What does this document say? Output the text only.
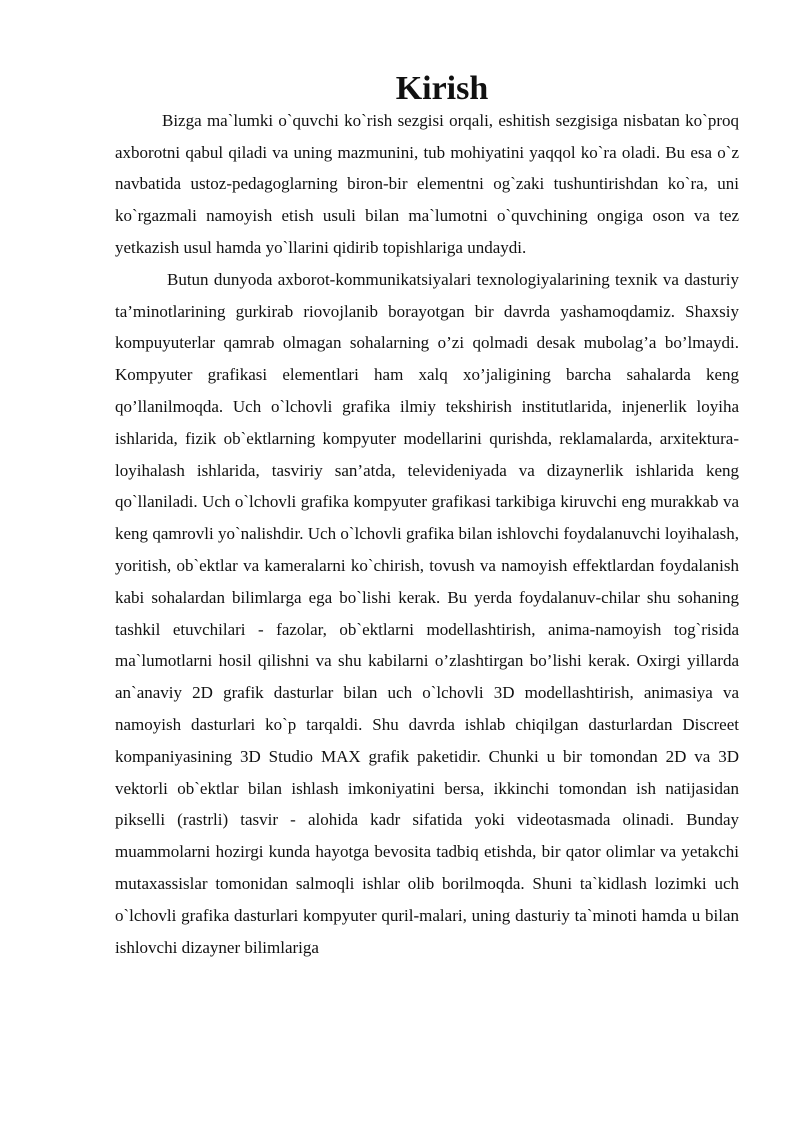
Kirish

Bizga ma`lumki o`quvchi ko`rish sezgisi orqali, eshitish sezgisiga nisbatan ko`proq axborotni qabul qiladi va uning mazmunini, tub mohiyatini yaqqol ko`ra oladi. Bu esa o`z navbatida ustoz-pedagoglarning biron-bir elementni og`zaki tushuntirishdan ko`ra, uni ko`rgazmali namoyish etish usuli bilan ma`lumotni o`quvchining ongiga oson va tez yetkazish usul hamda yo`llarini qidirib topishlariga undaydi.

Butun dunyoda axborot-kommunikatsiyalari texnologiyalarining texnik va dasturiy ta’minotlarining gurkirab riovojlanib borayotgan bir davrda yashamoqdamiz. Shaxsiy kompuyuterlar qamrab olmagan sohalarning o’zi qolmadi desak mubolag’a bo’lmaydi. Kompyuter grafikasi elementlari ham xalq xo’jaligining barcha sahalarda keng qo’llanilmoqda. Uch o`lchovli grafika ilmiy tekshirish institutlarida, injenerlik loyiha ishlarida, fizik ob`ektlarning kompyuter modellarini qurishda, reklamalarda, arxitektura-loyihalash ishlarida, tasviriy san’atda, televideniyada va dizaynerlik ishlarida keng qo`llaniladi. Uch o`lchovli grafika kompyuter grafikasi tarkibiga kiruvchi eng murakkab va keng qamrovli yo`nalishdir. Uch o`lchovli grafika bilan ishlovchi foydalanuvchi loyihalash, yoritish, ob`ektlar va kameralarni ko`chirish, tovush va namoyish effektlardan foydalanish kabi sohalardan bilimlarga ega bo`lishi kerak. Bu yerda foydalanuv-chilar shu sohaning tashkil etuvchilari - fazolar, ob`ektlarni modellashtirish, anima-namoyish tog`risida ma`lumotlarni hosil qilishni va shu kabilarni o’zlashtirgan bo’lishi kerak. Oxirgi yillarda an`anaviy 2D grafik dasturlar bilan uch o`lchovli 3D modellashtirish, animasiya va namoyish dasturlari ko`p tarqaldi. Shu davrda ishlab chiqilgan dasturlardan Discreet kompaniyasining 3D Studio MAX grafik paketidir. Chunki u bir tomondan 2D va 3D vektorli ob`ektlar bilan ishlash imkoniyatini bersa, ikkinchi tomondan ish natijasidan pikselli (rastrli) tasvir - alohida kadr sifatida yoki videotasmada olinadi. Bunday muammolarni hozirgi kunda hayotga bevosita tadbiq etishda, bir qator olimlar va yetakchi mutaxassislar tomonidan salmoqli ishlar olib borilmoqda. Shuni ta`kidlash lozimki uch o`lchovli grafika dasturlari kompyuter quril-malari, uning dasturiy ta`minoti hamda u bilan ishlovchi dizayner bilimlariga
